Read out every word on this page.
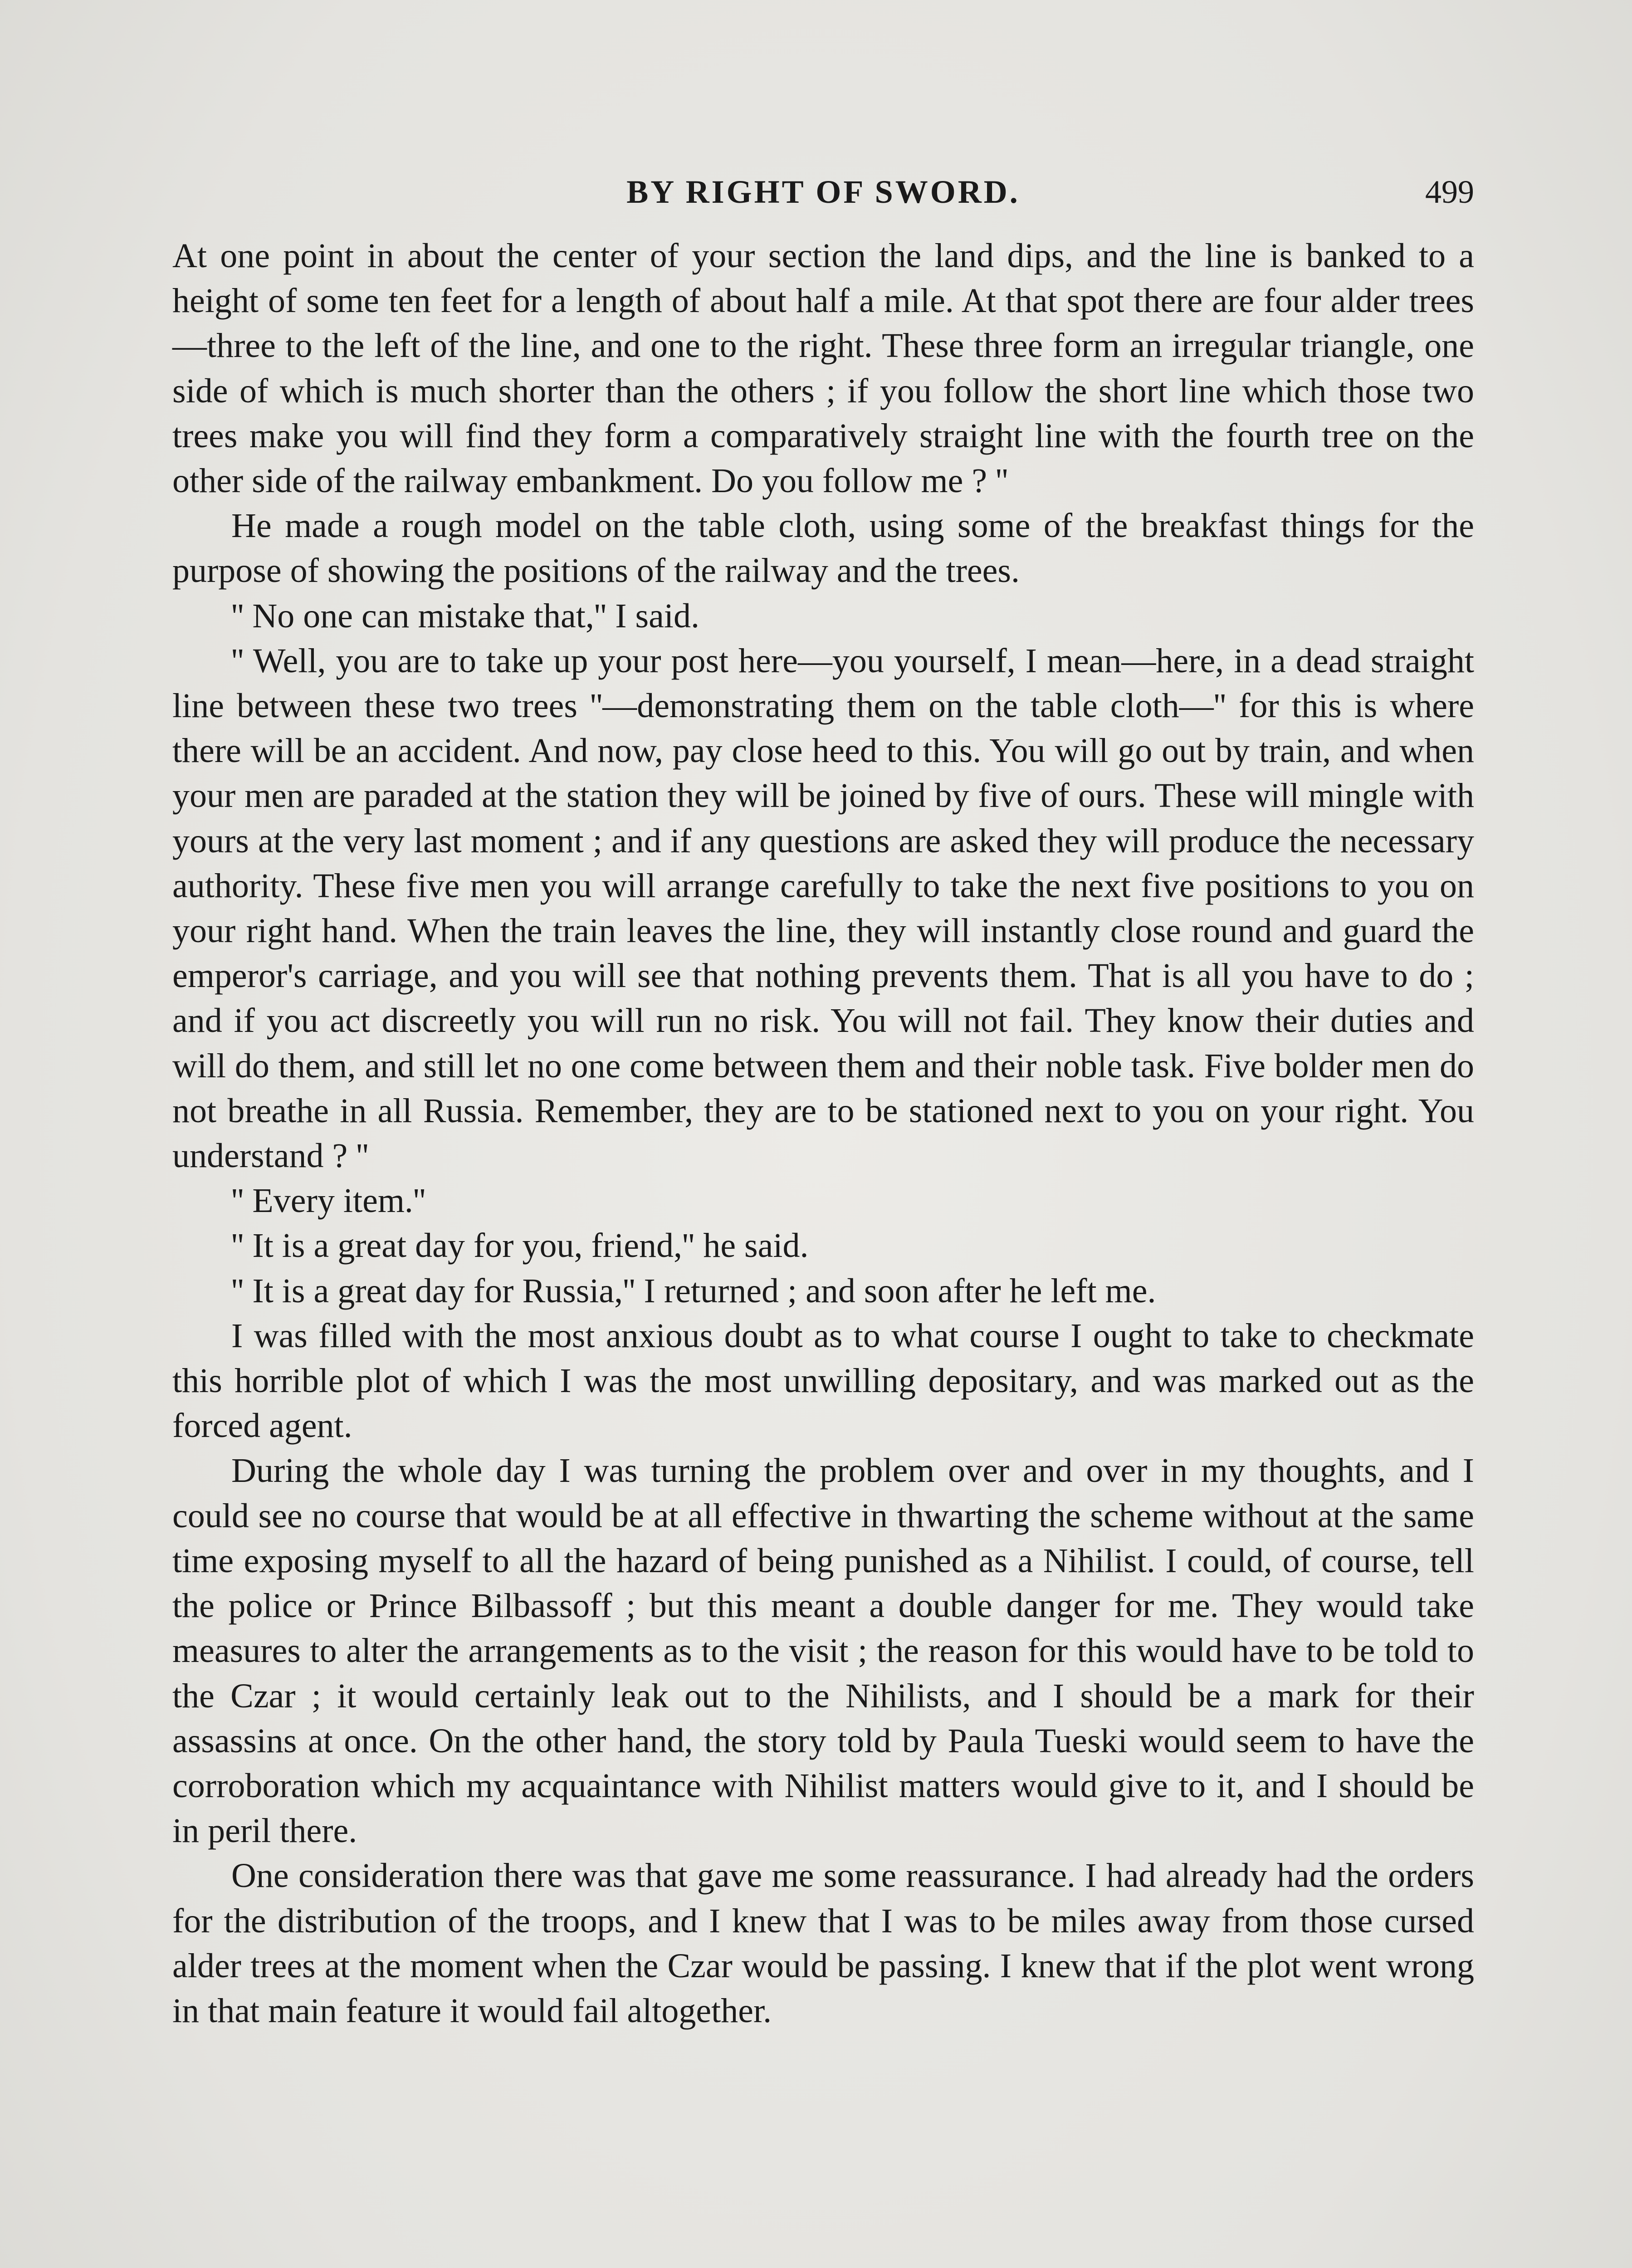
BY RIGHT OF SWORD.	499

At one point in about the center of your section the land dips, and the line is banked to a height of some ten feet for a length of about half a mile. At that spot there are four alder trees—three to the left of the line, and one to the right. These three form an irregular triangle, one side of which is much shorter than the others ; if you follow the short line which those two trees make you will find they form a comparatively straight line with the fourth tree on the other side of the railway embankment. Do you follow me ? ''

He made a rough model on the table cloth, using some of the breakfast things for the purpose of showing the positions of the railway and the trees.

'' No one can mistake that,'' I said.

'' Well, you are to take up your post here—you yourself, I mean—here, in a dead straight line between these two trees ''—demonstrating them on the table cloth—'' for this is where there will be an accident. And now, pay close heed to this. You will go out by train, and when your men are paraded at the station they will be joined by five of ours. These will mingle with yours at the very last moment ; and if any questions are asked they will produce the necessary authority. These five men you will arrange carefully to take the next five positions to you on your right hand. When the train leaves the line, they will instantly close round and guard the emperor's carriage, and you will see that nothing prevents them. That is all you have to do ; and if you act discreetly you will run no risk. You will not fail. They know their duties and will do them, and still let no one come between them and their noble task. Five bolder men do not breathe in all Russia. Remember, they are to be stationed next to you on your right. You understand ? ''

'' Every item.''

'' It is a great day for you, friend,'' he said.

'' It is a great day for Russia,'' I returned ; and soon after he left me.

I was filled with the most anxious doubt as to what course I ought to take to checkmate this horrible plot of which I was the most unwilling depositary, and was marked out as the forced agent.

During the whole day I was turning the problem over and over in my thoughts, and I could see no course that would be at all effective in thwarting the scheme without at the same time exposing myself to all the hazard of being punished as a Nihilist. I could, of course, tell the police or Prince Bilbassoff ; but this meant a double danger for me. They would take measures to alter the arrangements as to the visit ; the reason for this would have to be told to the Czar ; it would certainly leak out to the Nihilists, and I should be a mark for their assassins at once. On the other hand, the story told by Paula Tueski would seem to have the corroboration which my acquaintance with Nihilist matters would give to it, and I should be in peril there.

One consideration there was that gave me some reassurance. I had already had the orders for the distribution of the troops, and I knew that I was to be miles away from those cursed alder trees at the moment when the Czar would be passing. I knew that if the plot went wrong in that main feature it would fail altogether.
